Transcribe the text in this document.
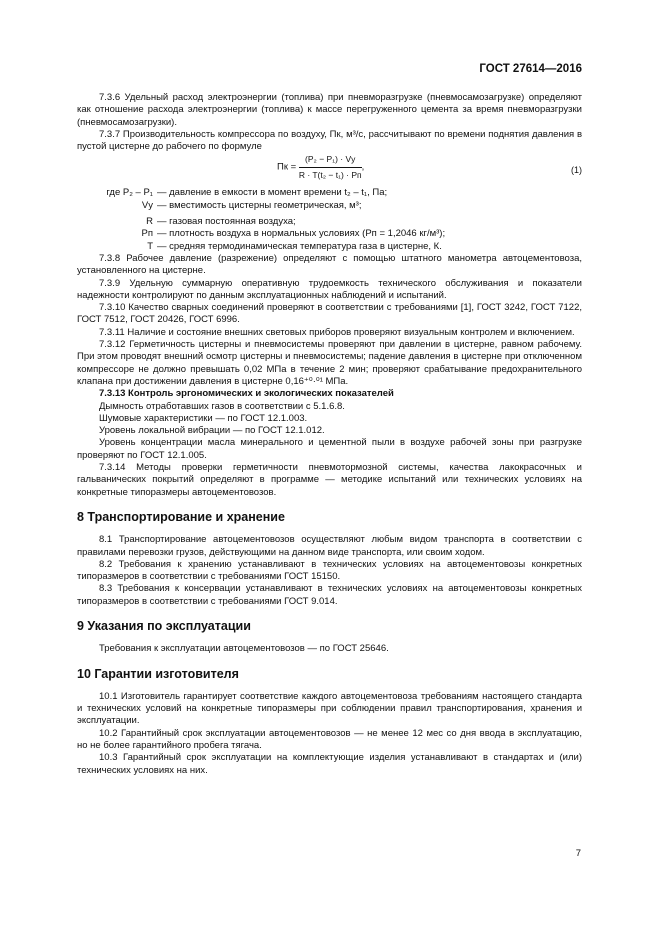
ГОСТ 27614—2016

7.3.6 Удельный расход электроэнергии (топлива) при пневморазгрузке (пневмосамозагрузке) определяют как отношение расхода электроэнергии (топлива) к массе перегруженного цемента за время пневморазгрузки (пневмосамозагрузки).

7.3.7 Производительность компрессора по воздуху, Пк, м³/с, рассчитывают по времени поднятия давления в пустой цистерне до рабочего по формуле

Пк = $\frac{\text{(P₂ − P₁) · Vу}}{\text{R · T(t₂ − t₁) · Pп}}$ ,	(1)
где P₂ – P₁ — давление в емкости в момент времени t₂ – t₁, Па;
Vу — вместимость цистерны геометрическая, м³;
R — газовая постоянная воздуха;
Pп — плотность воздуха в нормальных условиях (Pп = 1,2046 кг/м³);
T — средняя термодинамическая температура газа в цистерне, К.

7.3.8 Рабочее давление (разрежение) определяют с помощью штатного манометра автоцементовоза, установленного на цистерне.

7.3.9 Удельную суммарную оперативную трудоемкость технического обслуживания и показатели надежности контролируют по данным эксплуатационных наблюдений и испытаний.

7.3.10 Качество сварных соединений проверяют в соответствии с требованиями [1], ГОСТ 3242, ГОСТ 7122, ГОСТ 7512, ГОСТ 20426, ГОСТ 6996.

7.3.11 Наличие и состояние внешних световых приборов проверяют визуальным контролем и включением.

7.3.12 Герметичность цистерны и пневмосистемы проверяют при давлении в цистерне, равном рабочему. При этом проводят внешний осмотр цистерны и пневмосистемы; падение давления в цистерне при отключенном компрессоре не должно превышать 0,02 МПа в течение 2 мин; проверяют срабатывание предохранительного клапана при достижении давления в цистерне 0,16⁺⁰·⁰¹ МПа.

7.3.13 Контроль эргономических и экологических показателей

Дымность отработавших газов в соответствии с 5.1.6.8.

Шумовые характеристики — по ГОСТ 12.1.003.

Уровень локальной вибрации — по ГОСТ 12.1.012.

Уровень концентрации масла минерального и цементной пыли в воздухе рабочей зоны при разгрузке проверяют по ГОСТ 12.1.005.

7.3.14 Методы проверки герметичности пневмотормозной системы, качества лакокрасочных и гальванических покрытий определяют в программе — методике испытаний или технических условиях на конкретные типоразмеры автоцементовозов.

8 Транспортирование и хранение

8.1 Транспортирование автоцементовозов осуществляют любым видом транспорта в соответствии с правилами перевозки грузов, действующими на данном виде транспорта, или своим ходом.

8.2 Требования к хранению устанавливают в технических условиях на автоцементовозы конкретных типоразмеров в соответствии с требованиями ГОСТ 15150.

8.3 Требования к консервации устанавливают в технических условиях на автоцементовозы конкретных типоразмеров в соответствии с требованиями ГОСТ 9.014.

9 Указания по эксплуатации

Требования к эксплуатации автоцементовозов — по ГОСТ 25646.

10 Гарантии изготовителя

10.1 Изготовитель гарантирует соответствие каждого автоцементовоза требованиям настоящего стандарта и технических условий на конкретные типоразмеры при соблюдении правил транспортирования, хранения и эксплуатации.

10.2 Гарантийный срок эксплуатации автоцементовозов — не менее 12 мес со дня ввода в эксплуатацию, но не более гарантийного пробега тягача.

10.3 Гарантийный срок эксплуатации на комплектующие изделия устанавливают в стандартах и (или) технических условиях на них.

7
